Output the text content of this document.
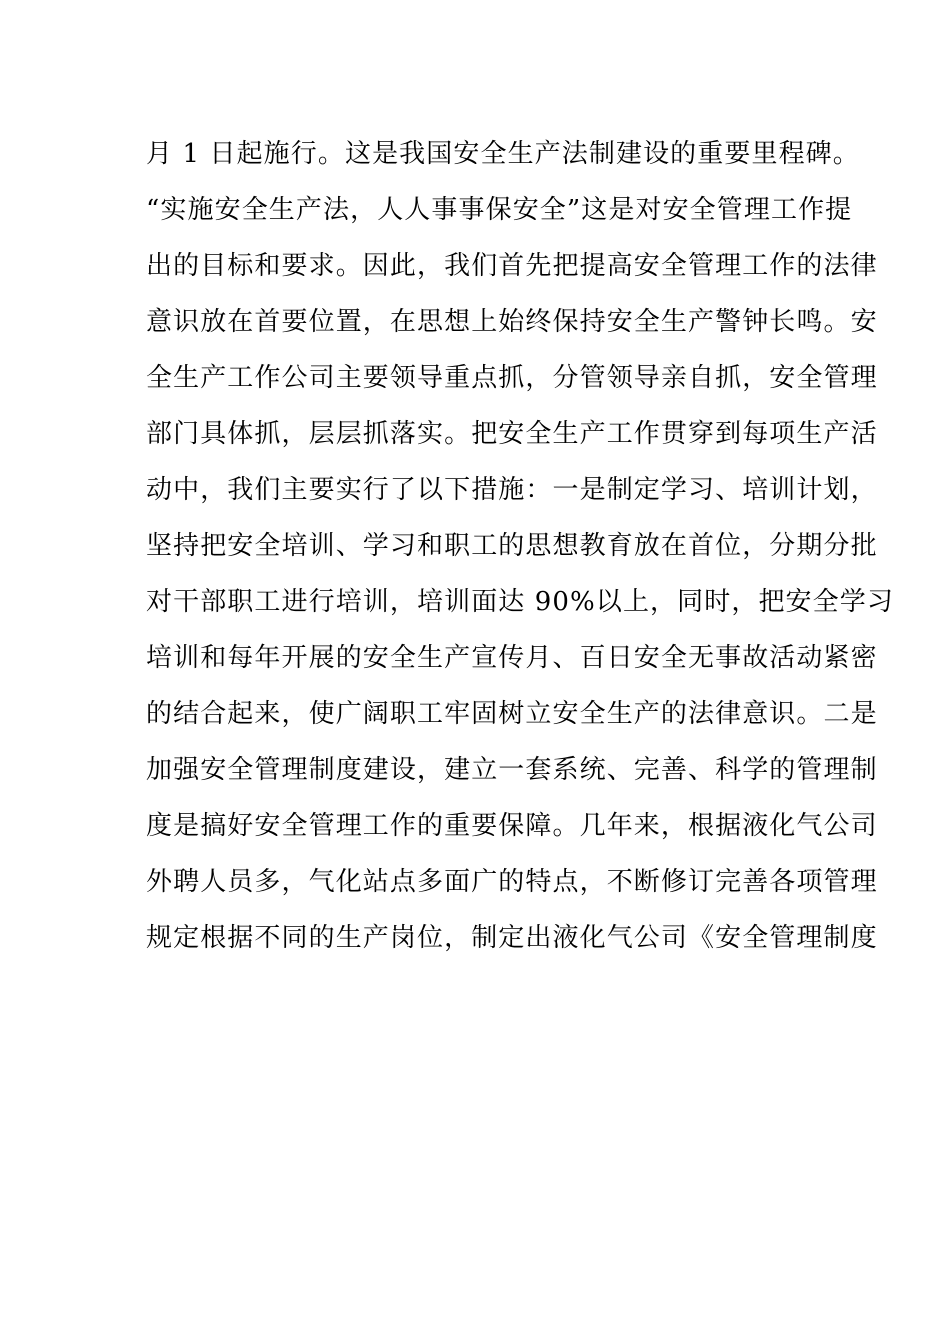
月 1 日起施行。这是我国安全生产法制建设的重要里程碑。
“实施安全生产法，人人事事保安全”这是对安全管理工作提
出的目标和要求。因此，我们首先把提高安全管理工作的法律
意识放在首要位置，在思想上始终保持安全生产警钟长鸣。安
全生产工作公司主要领导重点抓，分管领导亲自抓，安全管理
部门具体抓，层层抓落实。把安全生产工作贯穿到每项生产活
动中，我们主要实行了以下措施：一是制定学习、培训计划，
坚持把安全培训、学习和职工的思想教育放在首位，分期分批
对干部职工进行培训，培训面达 90%以上，同时，把安全学习
培训和每年开展的安全生产宣传月、百日安全无事故活动紧密
的结合起来，使广阔职工牢固树立安全生产的法律意识。二是
加强安全管理制度建设，建立一套系统、完善、科学的管理制
度是搞好安全管理工作的重要保障。几年来，根据液化气公司
外聘人员多，气化站点多面广的特点，不断修订完善各项管理
规定根据不同的生产岗位，制定出液化气公司《安全管理制度
